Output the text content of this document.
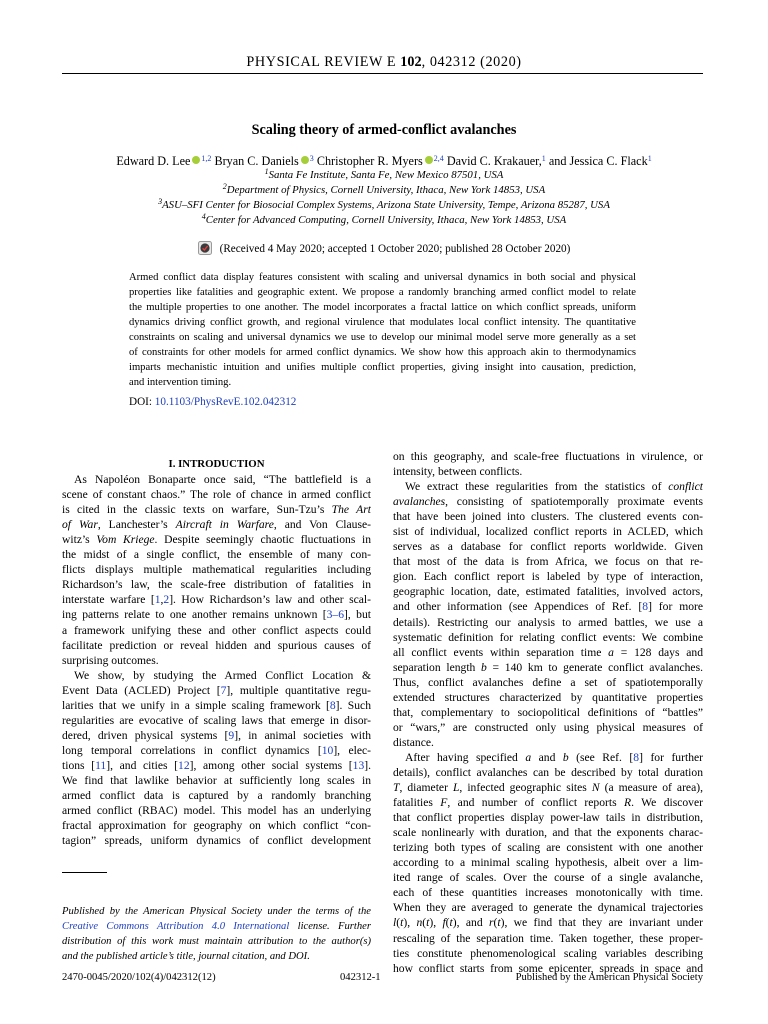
PHYSICAL REVIEW E 102, 042312 (2020)
Scaling theory of armed-conflict avalanches
Edward D. Lee $^{1,2}$ Bryan C. Daniels $^3$ Christopher R. Myers $^{2,4}$ David C. Krakauer,$^1$ and Jessica C. Flack$^1$
$^1$Santa Fe Institute, Santa Fe, New Mexico 87501, USA
$^2$Department of Physics, Cornell University, Ithaca, New York 14853, USA
$^3$ASU–SFI Center for Biosocial Complex Systems, Arizona State University, Tempe, Arizona 85287, USA
$^4$Center for Advanced Computing, Cornell University, Ithaca, New York 14853, USA
(Received 4 May 2020; accepted 1 October 2020; published 28 October 2020)
Armed conflict data display features consistent with scaling and universal dynamics in both social and physical
properties like fatalities and geographic extent. We propose a randomly branching armed conflict model to relate
the multiple properties to one another. The model incorporates a fractal lattice on which conflict spreads, uniform
dynamics driving conflict growth, and regional virulence that modulates local conflict intensity. The quantitative
constraints on scaling and universal dynamics we use to develop our minimal model serve more generally as a set
of constraints for other models for armed conflict dynamics. We show how this approach akin to thermodynamics
imparts mechanistic intuition and unifies multiple conflict properties, giving insight into causation, prediction,
and intervention timing.
DOI: 10.1103/PhysRevE.102.042312
I. INTRODUCTION
As Napoléon Bonaparte once said, “The battlefield is a
scene of constant chaos.” The role of chance in armed conflict
is cited in the classic texts on warfare, Sun-Tzu’s The Art
of War, Lanchester’s Aircraft in Warfare, and Von Clause-
witz’s Vom Kriege. Despite seemingly chaotic fluctuations in
the midst of a single conflict, the ensemble of many con-
flicts displays multiple mathematical regularities including
Richardson’s law, the scale-free distribution of fatalities in
interstate warfare [1,2]. How Richardson’s law and other scal-
ing patterns relate to one another remains unknown [3–6], but
a framework unifying these and other conflict aspects could
facilitate prediction or reveal hidden and spurious causes of
surprising outcomes.
We show, by studying the Armed Conflict Location &
Event Data (ACLED) Project [7], multiple quantitative regu-
larities that we unify in a simple scaling framework [8]. Such
regularities are evocative of scaling laws that emerge in disor-
dered, driven physical systems [9], in animal societies with
long temporal correlations in conflict dynamics [10], elec-
tions [11], and cities [12], among other social systems [13].
We find that lawlike behavior at sufficiently long scales in
armed conflict data is captured by a randomly branching
armed conflict (RBAC) model. This model has an underlying
fractal approximation for geography on which conflict “con-
tagion” spreads, uniform dynamics of conflict development
on this geography, and scale-free fluctuations in virulence, or
intensity, between conflicts.
We extract these regularities from the statistics of conflict
avalanches, consisting of spatiotemporally proximate events
that have been joined into clusters. The clustered events con-
sist of individual, localized conflict reports in ACLED, which
serves as a database for conflict reports worldwide. Given
that most of the data is from Africa, we focus on that re-
gion. Each conflict report is labeled by type of interaction,
geographic location, date, estimated fatalities, involved actors,
and other information (see Appendices of Ref. [8] for more
details). Restricting our analysis to armed battles, we use a
systematic definition for relating conflict events: We combine
all conflict events within separation time a = 128 days and
separation length b = 140 km to generate conflict avalanches.
Thus, conflict avalanches define a set of spatiotemporally
extended structures characterized by quantitative properties
that, complementary to sociopolitical definitions of “battles”
or “wars,” are constructed only using physical measures of
distance.
After having specified a and b (see Ref. [8] for further
details), conflict avalanches can be described by total duration
T, diameter L, infected geographic sites N (a measure of area),
fatalities F, and number of conflict reports R. We discover
that conflict properties display power-law tails in distribution,
scale nonlinearly with duration, and that the exponents charac-
terizing both types of scaling are consistent with one another
according to a minimal scaling hypothesis, albeit over a lim-
ited range of scales. Over the course of a single avalanche,
each of these quantities increases monotonically with time.
When they are averaged to generate the dynamical trajectories
l(t), n(t), f(t), and r(t), we find that they are invariant under
rescaling of the separation time. Taken together, these proper-
ties constitute phenomenological scaling variables describing
how conflict starts from some epicenter, spreads in space and
Published by the American Physical Society under the terms of the
Creative Commons Attribution 4.0 International license. Further
distribution of this work must maintain attribution to the author(s)
and the published article’s title, journal citation, and DOI.
2470-0045/2020/102(4)/042312(12)	042312-1	Published by the American Physical Society
